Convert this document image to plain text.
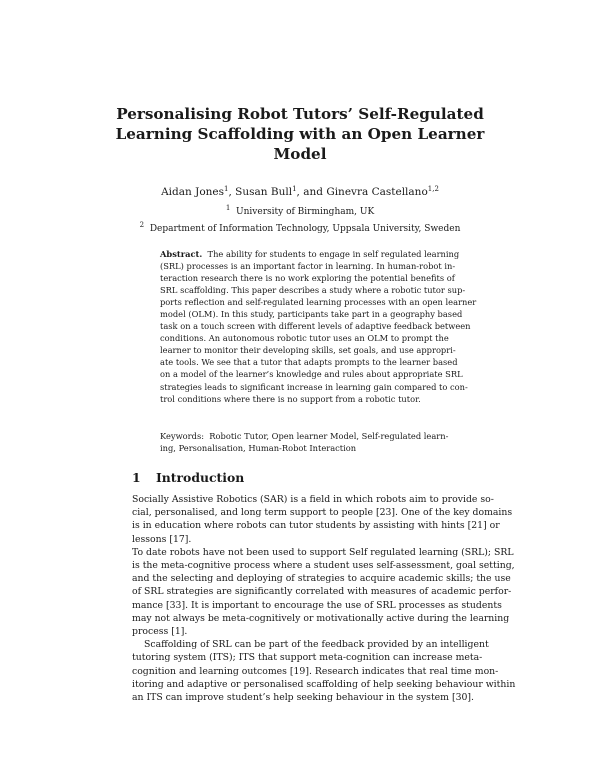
Personalising Robot Tutors’ Self-Regulated
Learning Scaffolding with an Open Learner
Model
Aidan Jones$^1$, Susan Bull$^1$, and Ginevra Castellano$^{1,2}$
$^1$ University of Birmingham, UK
$^2$ Department of Information Technology, Uppsala University, Sweden
Abstract. The ability for students to engage in self regulated learning
(SRL) processes is an important factor in learning. In human-robot in-
teraction research there is no work exploring the potential benefits of
SRL scaffolding. This paper describes a study where a robotic tutor sup-
ports reflection and self-regulated learning processes with an open learner
model (OLM). In this study, participants take part in a geography based
task on a touch screen with different levels of adaptive feedback between
conditions. An autonomous robotic tutor uses an OLM to prompt the
learner to monitor their developing skills, set goals, and use appropri-
ate tools. We see that a tutor that adapts prompts to the learner based
on a model of the learner’s knowledge and rules about appropriate SRL
strategies leads to significant increase in learning gain compared to con-
trol conditions where there is no support from a robotic tutor.
Keywords: Robotic Tutor, Open learner Model, Self-regulated learn-
ing, Personalisation, Human-Robot Interaction
1 Introduction
Socially Assistive Robotics (SAR) is a field in which robots aim to provide so-
cial, personalised, and long term support to people [23]. One of the key domains
is in education where robots can tutor students by assisting with hints [21] or
lessons [17].
To date robots have not been used to support Self regulated learning (SRL); SRL
is the meta-cognitive process where a student uses self-assessment, goal setting,
and the selecting and deploying of strategies to acquire academic skills; the use
of SRL strategies are significantly correlated with measures of academic perfor-
mance [33]. It is important to encourage the use of SRL processes as students
may not always be meta-cognitively or motivationally active during the learning
process [1].
Scaffolding of SRL can be part of the feedback provided by an intelligent
tutoring system (ITS); ITS that support meta-cognition can increase meta-
cognition and learning outcomes [19]. Research indicates that real time mon-
itoring and adaptive or personalised scaffolding of help seeking behaviour within
an ITS can improve student’s help seeking behaviour in the system [30].
